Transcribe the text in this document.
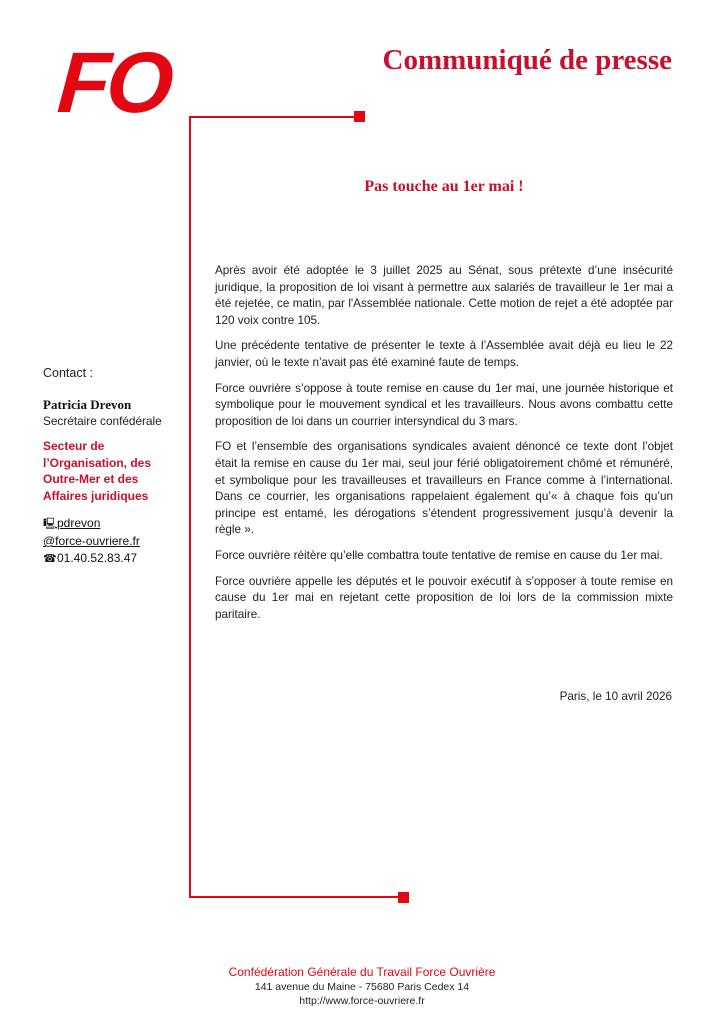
FO	Communiqué de presse
Pas touche au 1er mai !

Après avoir été adoptée le 3 juillet 2025 au Sénat, sous prétexte d’une insécurité juridique, la proposition de loi visant à permettre aux salariés de travailleur le 1er mai a été rejetée, ce matin, par l'Assemblée nationale. Cette motion de rejet a été adoptée par 120 voix contre 105.

Une précédente tentative de présenter le texte à l’Assemblée avait déjà eu lieu le 22 janvier, où le texte n’avait pas été examiné faute de temps.

Force ouvrière s’oppose à toute remise en cause du 1er mai, une journée historique et symbolique pour le mouvement syndical et les travailleurs. Nous avons combattu cette proposition de loi dans un courrier intersyndical du 3 mars.

FO et l’ensemble des organisations syndicales avaient dénoncé ce texte dont l’objet était la remise en cause du 1er mai, seul jour férié obligatoirement chômé et rémunéré, et symbolique pour les travailleuses et travailleurs en France comme à l’international. Dans ce courrier, les organisations rappelaient également qu’« à chaque fois qu’un principe est entamé, les dérogations s’étendent progressivement jusqu’à devenir la règle ».

Force ouvrière réitère qu’elle combattra toute tentative de remise en cause du 1er mai.

Force ouvrière appelle les députés et le pouvoir exécutif à s’opposer à toute remise en cause du 1er mai en rejetant cette proposition de loi lors de la commission mixte paritaire.

Paris, le 10 avril 2026
Contact :
Patricia Drevon
Secrétaire confédérale
Secteur de
l’Organisation, des
Outre-Mer et des
Affaires juridiques
🖳pdrevon
@force-ouvriere.fr
☎01.40.52.83.47
Confédération Générale du Travail Force Ouvrière
141 avenue du Maine - 75680 Paris Cedex 14
http://www.force-ouvriere.fr
